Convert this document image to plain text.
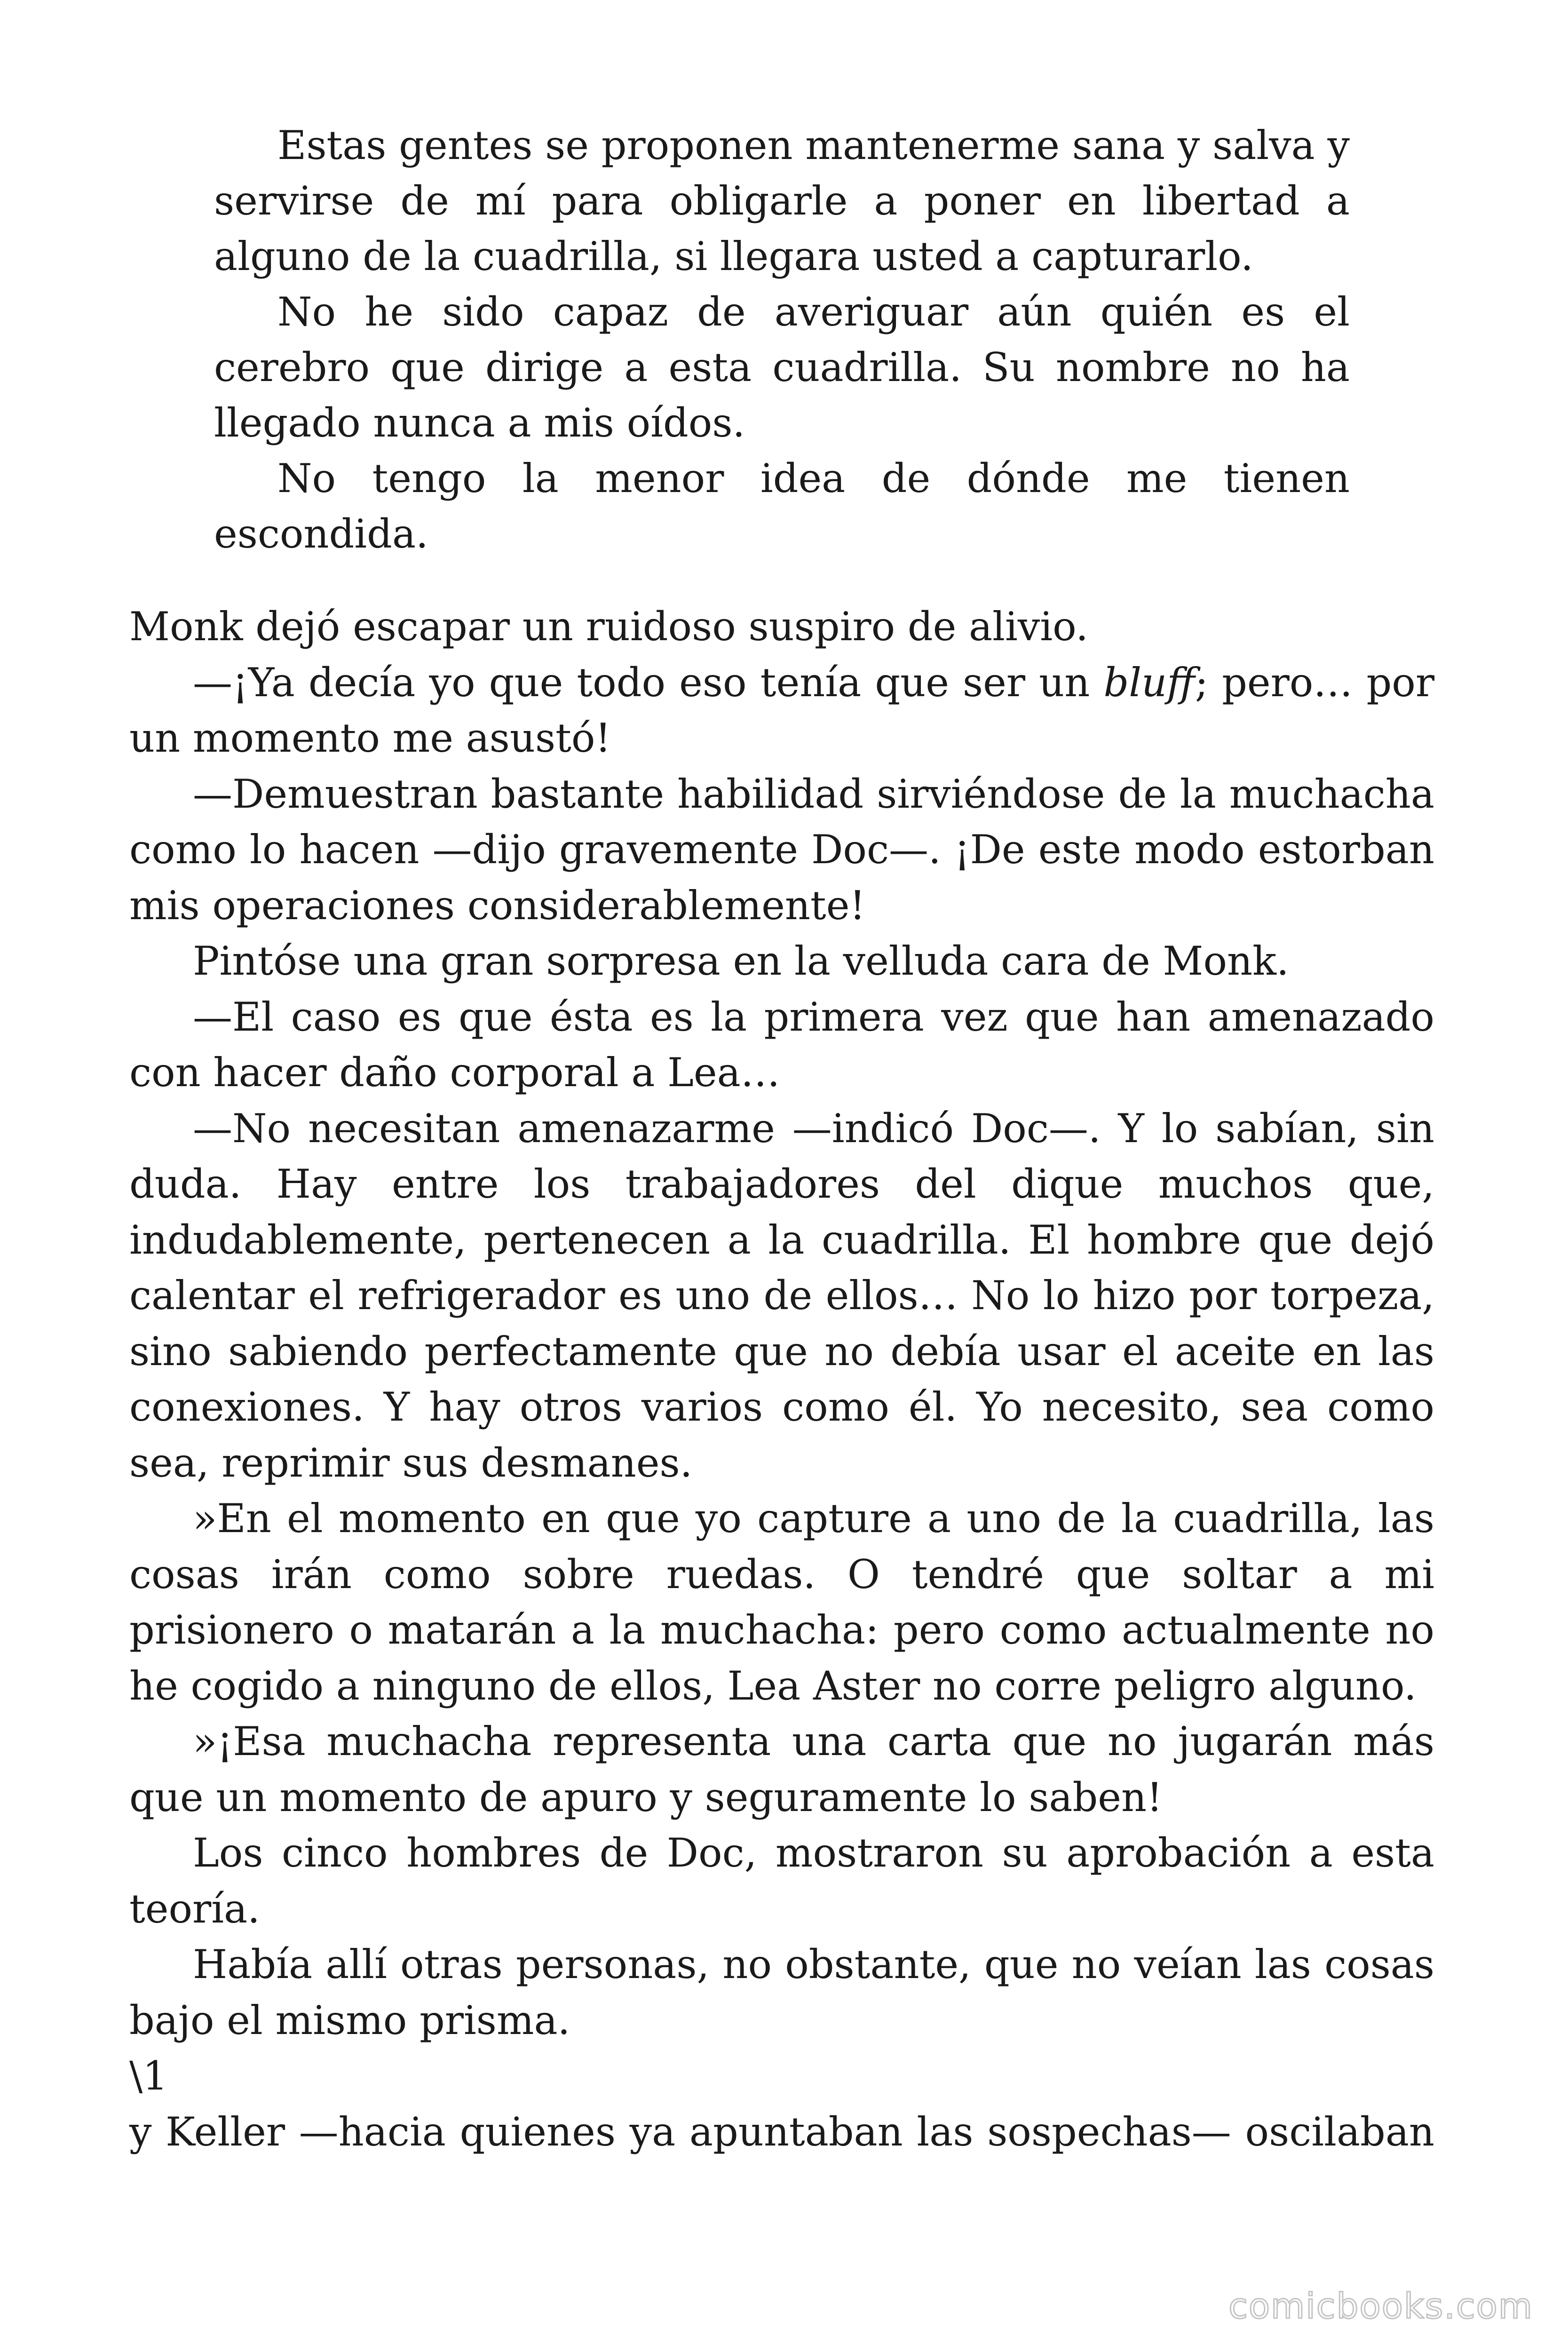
Estas gentes se proponen mantenerme sana y salva y servirse de mí para obligarle a poner en libertad a alguno de la cuadrilla, si llegara usted a capturarlo.

No he sido capaz de averiguar aún quién es el cerebro que dirige a esta cuadrilla. Su nombre no ha llegado nunca a mis oídos.

No tengo la menor idea de dónde me tienen escondida.

Monk dejó escapar un ruidoso suspiro de alivio.

—¡Ya decía yo que todo eso tenía que ser un bluff; pero… por un momento me asustó!

—Demuestran bastante habilidad sirviéndose de la muchacha como lo hacen —dijo gravemente Doc—. ¡De este modo estorban mis operaciones considerablemente!

Pintóse una gran sorpresa en la velluda cara de Monk.

—El caso es que ésta es la primera vez que han amenazado con hacer daño corporal a Lea…

—No necesitan amenazarme —indicó Doc—. Y lo sabían, sin duda. Hay entre los trabajadores del dique muchos que, indudablemente, pertenecen a la cuadrilla. El hombre que dejó calentar el refrigerador es uno de ellos… No lo hizo por torpeza, sino sabiendo perfectamente que no debía usar el aceite en las conexiones. Y hay otros varios como él. Yo necesito, sea como sea, reprimir sus desmanes.

»En el momento en que yo capture a uno de la cuadrilla, las cosas irán como sobre ruedas. O tendré que soltar a mi prisionero o matarán a la muchacha: pero como actualmente no he cogido a ninguno de ellos, Lea Aster no corre peligro alguno.

»¡Esa muchacha representa una carta que no jugarán más que un momento de apuro y seguramente lo saben!

Los cinco hombres de Doc, mostraron su aprobación a esta teoría.

Había allí otras personas, no obstante, que no veían las cosas bajo el mismo prisma.

\1

y Keller —hacia quienes ya apuntaban las sospechas— oscilaban

comicbooks.com
